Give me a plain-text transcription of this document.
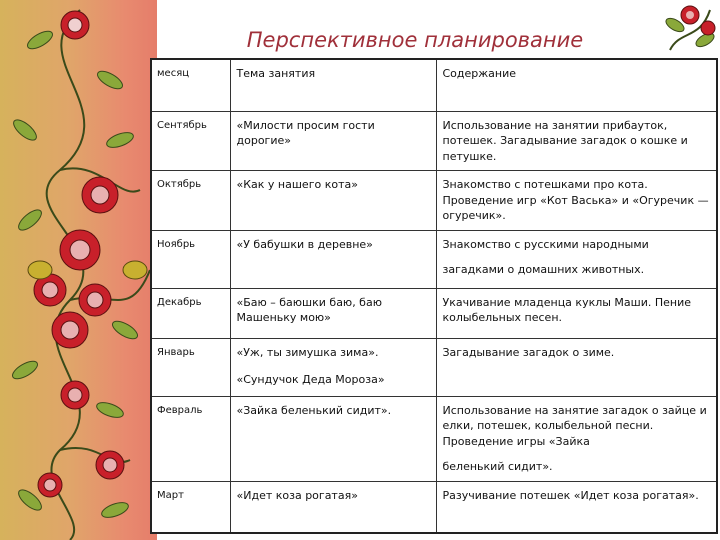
Перспективное планирование
месяц	Тема занятия	Содержание
Сентябрь	«Милости просим гости дорогие»	Использование на занятии прибауток, потешек. Загадывание загадок о кошке и петушке.

Октябрь	«Как у нашего кота»	Знакомство с потешками про кота. Проведение игр «Кот Васька» и «Огуречик — огуречик».

Ноябрь	«У бабушки в деревне»	Знакомство с русскими народными

загадками о домашних животных.

Декабрь	«Баю – баюшки баю, баю Машеньку мою»	Укачивание младенца куклы Маши. Пение колыбельных песен.

Январь	«Уж, ты зимушка зима».

«Сундучок Деда Мороза»	Загадывание загадок о зиме.

Февраль	«Зайка беленький сидит».	Использование на занятие загадок о зайце и елки, потешек, колыбельной песни. Проведение игры «Зайка

беленький сидит».

Март	«Идет коза рогатая»	Разучивание потешек «Идет коза рогатая».
